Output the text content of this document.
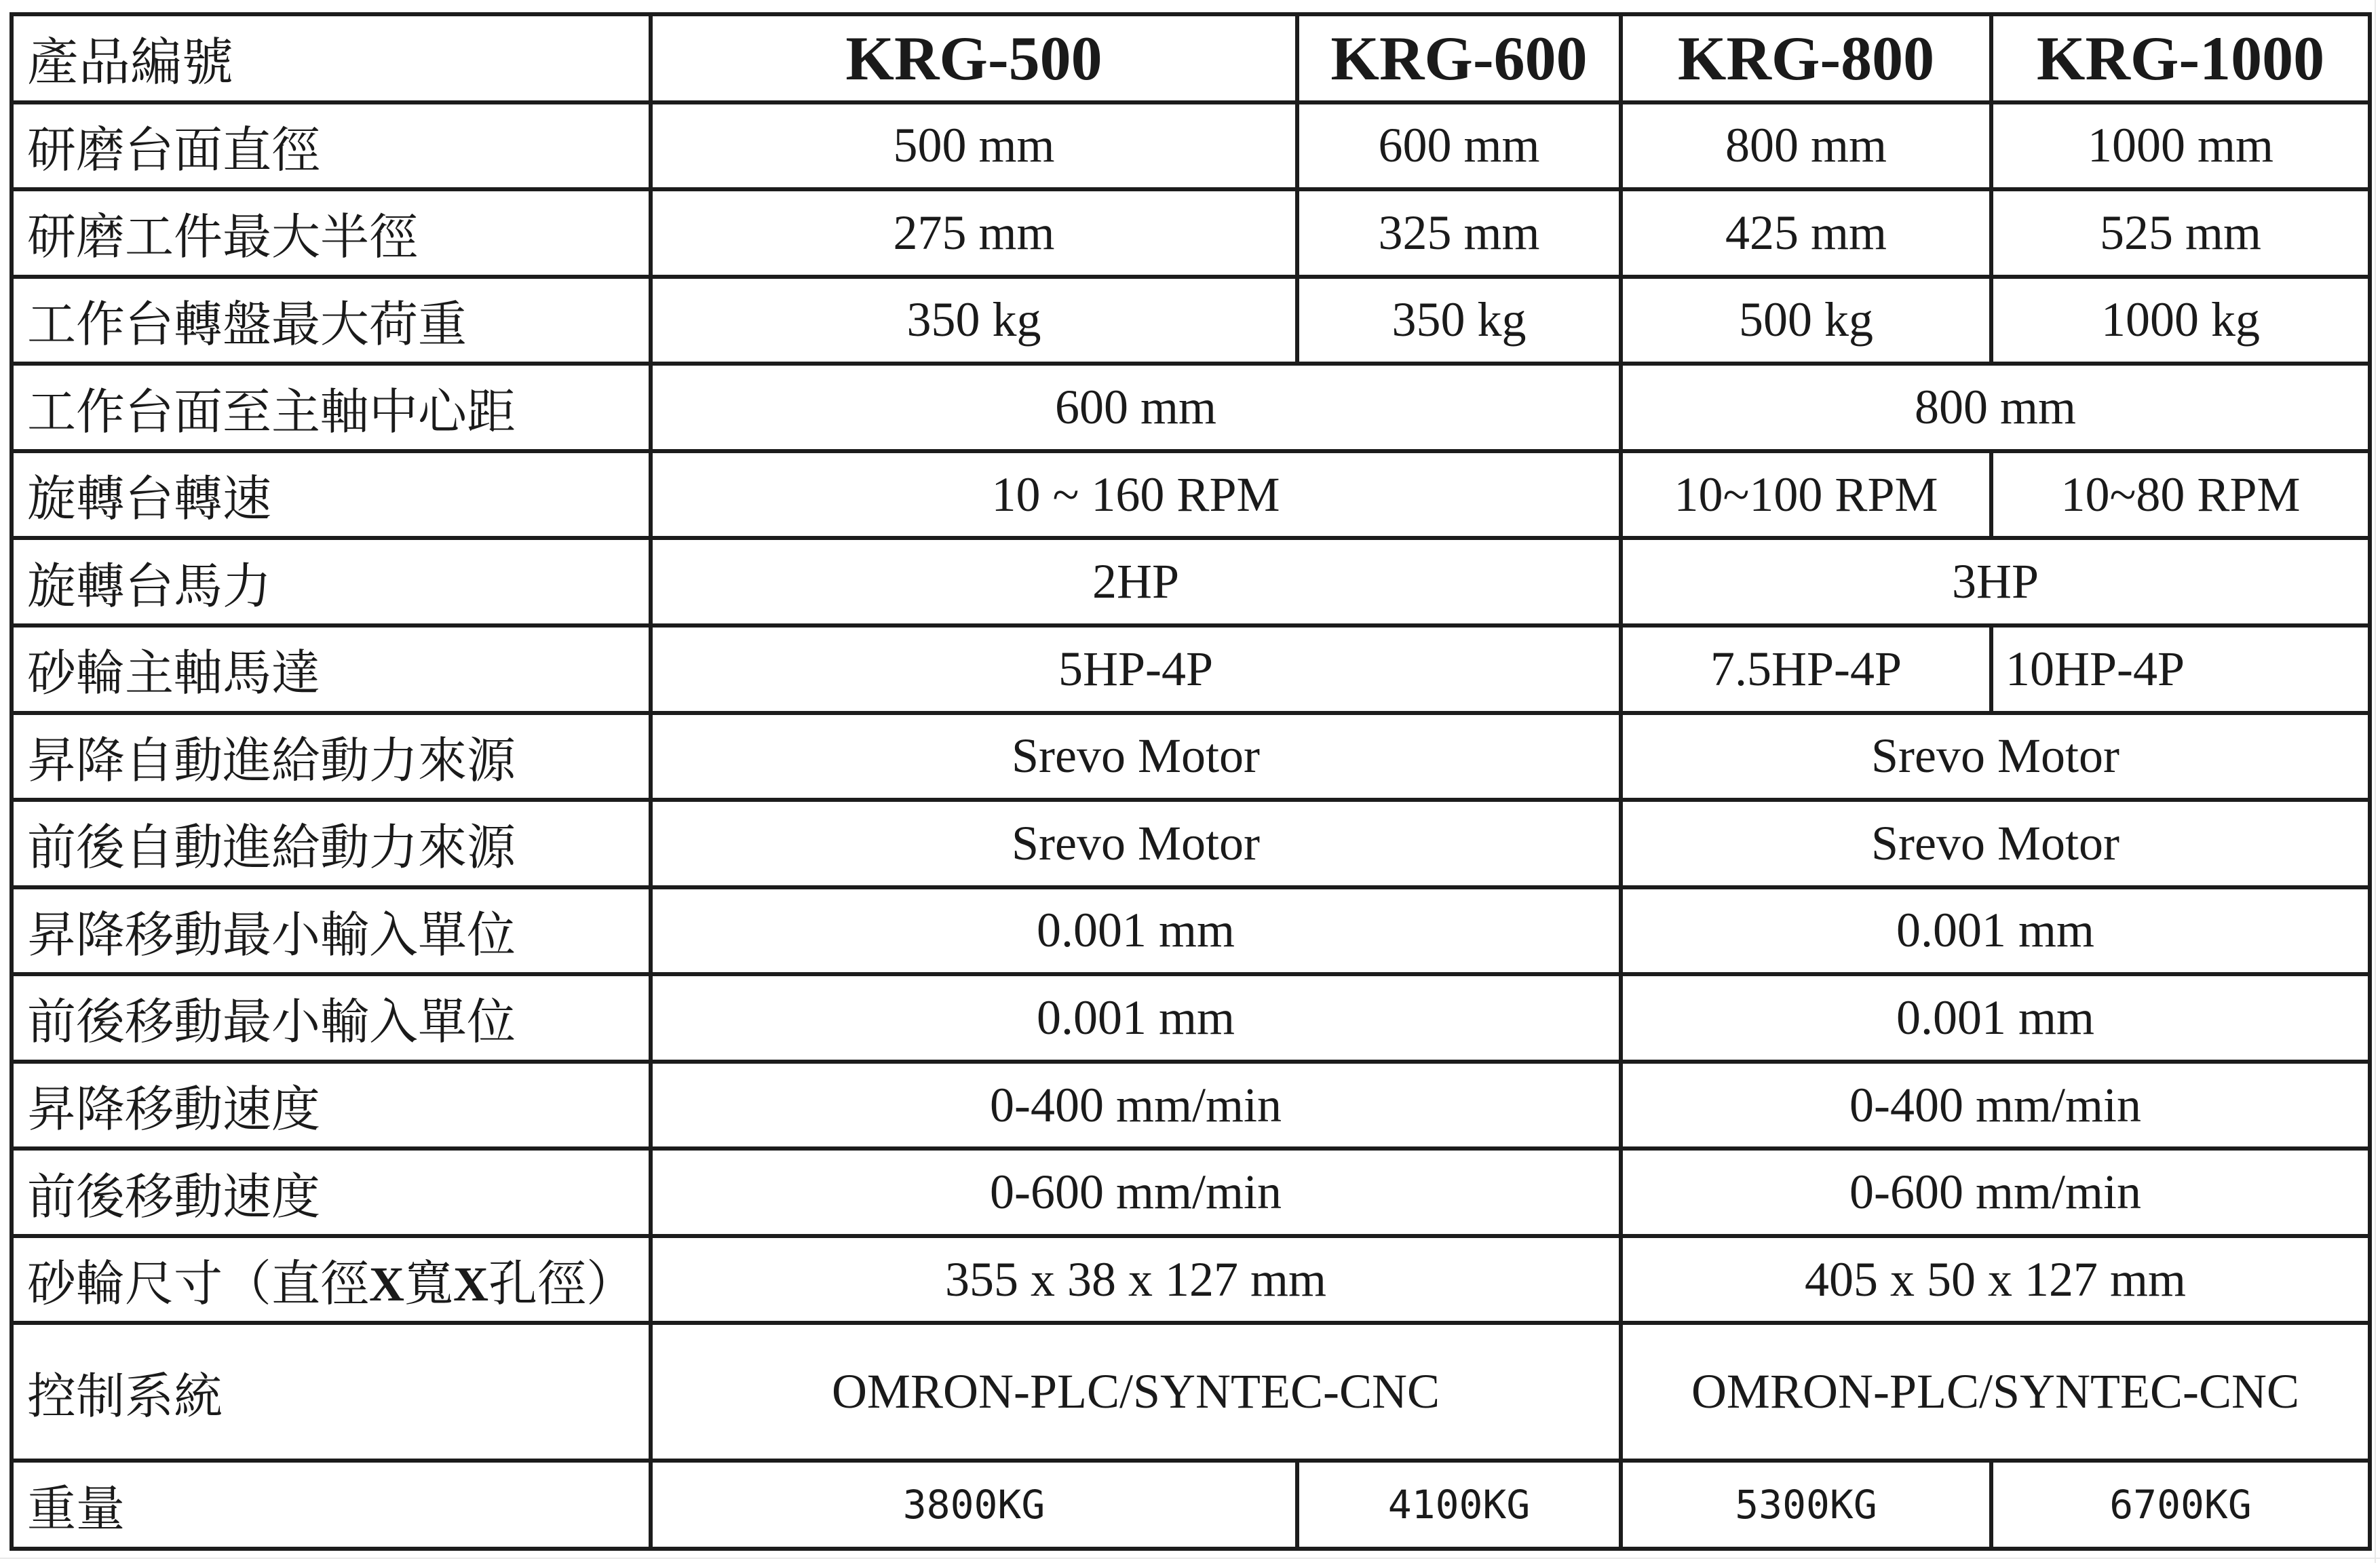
產品編號	KRG-500	KRG-600	KRG-800	KRG-1000
研磨台面直徑	500 mm	600 mm	800 mm	1000 mm
研磨工件最大半徑	275 mm	325 mm	425 mm	525 mm
工作台轉盤最大荷重	350 kg	350 kg	500 kg	1000 kg
工作台面至主軸中心距	600 mm		800 mm	
旋轉台轉速	10 ~ 160 RPM		10~100 RPM	10~80 RPM
旋轉台馬力	2HP		3HP	
砂輪主軸馬達	5HP-4P		7.5HP-4P	10HP-4P
昇降自動進給動力來源	Srevo Motor		Srevo Motor	
前後自動進給動力來源	Srevo Motor		Srevo Motor	
昇降移動最小輸入單位	0.001 mm		0.001 mm	
前後移動最小輸入單位	0.001 mm		0.001 mm	
昇降移動速度	0-400 mm/min		0-400 mm/min	
前後移動速度	0-600 mm/min		0-600 mm/min	
砂輪尺寸（直徑X寬X孔徑）	355 x 38 x 127 mm		405 x 50 x 127 mm	
控制系統	OMRON-PLC/SYNTEC-CNC		OMRON-PLC/SYNTEC-CNC	
重量	3800KG	4100KG	5300KG	6700KG
